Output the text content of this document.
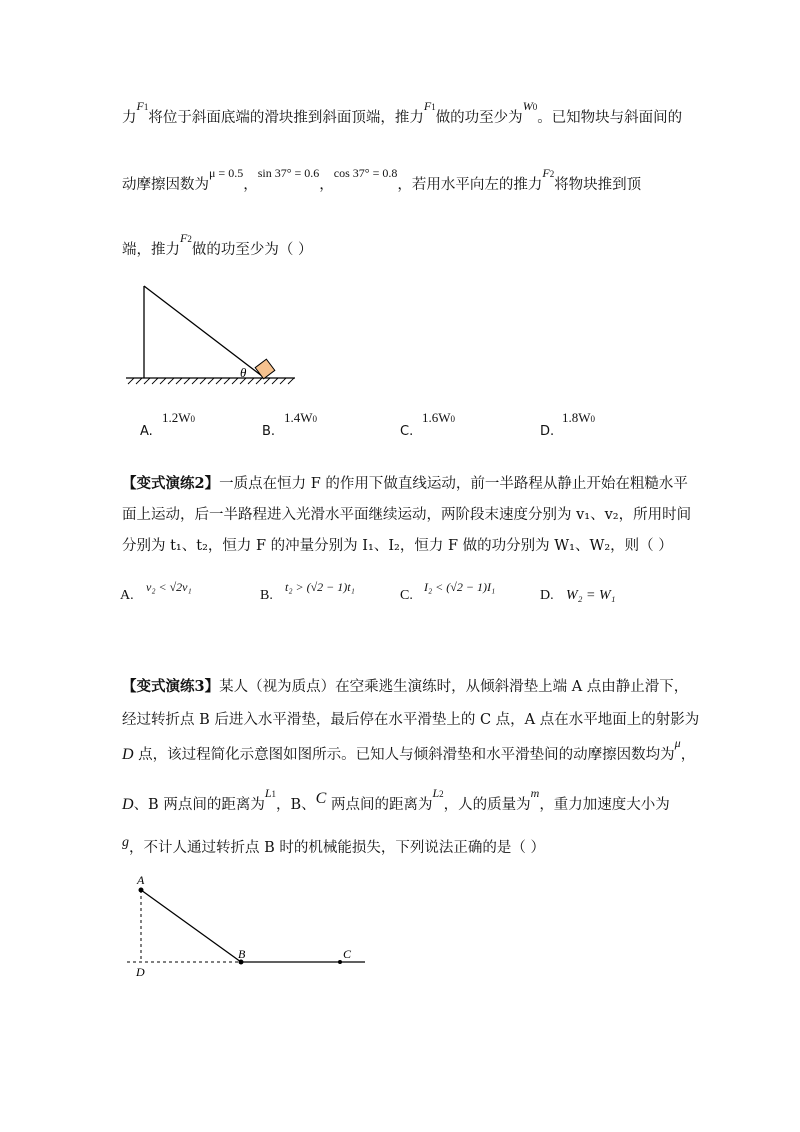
力$^{F1}$将位于斜面底端的滑块推到斜面顶端，推力$^{F1}$做的功至少为$^{W0}$。已知物块与斜面间的
动摩擦因数为$^{\mu = 0.5}$，$^{sin 37^\circ = 0.6}$，$^{cos 37^\circ = 0.8}$，若用水平向左的推力$^{F2}$将物块推到顶
端，推力$^{F2}$做的功至少为（ ）
θ
A.
1.2W0
B.
1.4W0
C.
1.6W0
D.
1.8W0
【变式演练2】一质点在恒力 F 的作用下做直线运动，前一半路程从静止开始在粗糙水平
面上运动，后一半路程进入光滑水平面继续运动，两阶段末速度分别为 v₁、v₂，所用时间
分别为 t₁、t₂，恒力 F 的冲量分别为 I₁、I₂，恒力 F 做的功分别为 W₁、W₂，则（ ）
A.
v₂ < √2v₁
B.
t₂ > (√2 − 1)t₁
C.
I₂ < (√2 − 1)I₁
D. W₂ = W₁
【变式演练3】某人（视为质点）在空乘逃生演练时，从倾斜滑垫上端 A 点由静止滑下，
经过转折点 B 后进入水平滑垫，最后停在水平滑垫上的 C 点，A 点在水平地面上的射影为
D 点，该过程简化示意图如图所示。已知人与倾斜滑垫和水平滑垫间的动摩擦因数均为$^\mu$，
D、B 两点间的距离为$^{L1}$，B、C 两点间的距离为$^{L2}$，人的质量为$^m$，重力加速度大小为
g，不计人通过转折点 B 时的机械能损失，下列说法正确的是（ ）
A
B	C
D
